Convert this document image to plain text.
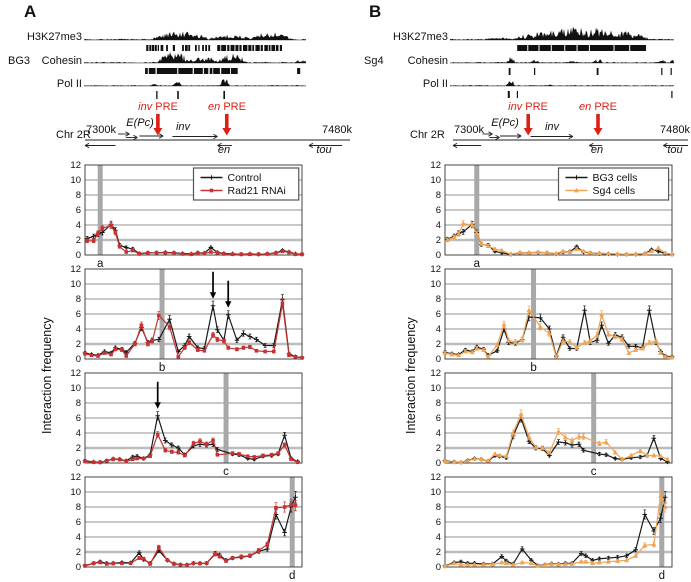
A	B
BG3	Sg4
H3K27me3
Cohesin
Pol II
H3K27me3
Cohesin
Pol II
inv PRE	en PRE
Chr 2R
7300k	7480k
E(Pc)	inv
en	tou
inv PRE	en PRE
Chr 2R 7300k	7480k
E(Pc)	inv
en	tou
Interaction frequency	Interaction frequency
0
2
4
6
8
10
12
a
Control
Rad21 RNAi
0
2
4
6
8
10
12
b
0
2
4
6
8
10
12
c
0
2
4
6
8
10
12
d
0
2
4
6
8
10
12
a
BG3 cells
Sg4 cells
0
2
4
6
8
10
12
b
0
2
4
6
8
10
12
c
0
2
4
6
8
10
12
d
